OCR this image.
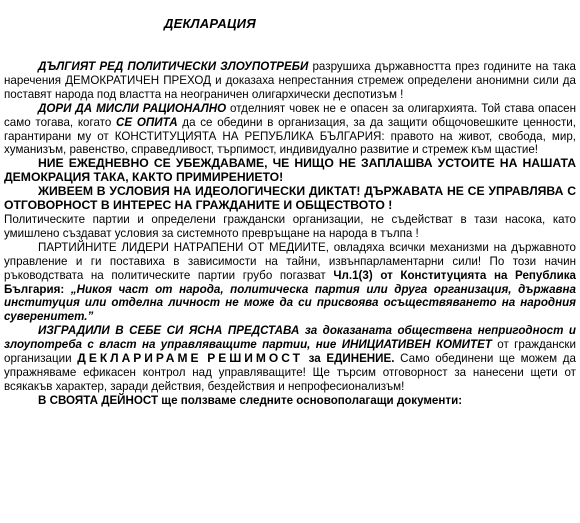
ДЕКЛАРАЦИЯ

ДЪЛГИЯТ РЕД ПОЛИТИЧЕСКИ ЗЛОУПОТРЕБИ разрушиха държавността през годините на така наречения ДЕМОКРАТИЧЕН ПРЕХОД и доказаха непрестанния стремеж определени анонимни сили да поставят народа под властта на неограничен олигархически деспотизъм !

ДОРИ ДА МИСЛИ РАЦИОНАЛНО отделният човек не е опасен за олигархията. Той става опасен само тогава, когато СЕ ОПИТА да се обедини в организация, за да защити общочовешките ценности, гарантирани му от КОНСТИТУЦИЯТА НА РЕПУБЛИКА БЪЛГАРИЯ: правото на живот, свобода, мир, хуманизъм, равенство, справедливост, търпимост, индивидуално развитие и стремеж към щастие!

НИЕ ЕЖЕДНЕВНО СЕ УБЕЖДАВАМЕ, ЧЕ НИЩО НЕ ЗАПЛАШВА УСТОИТЕ НА НАШАТА ДЕМОКРАЦИЯ ТАКА, КАКТО ПРИМИРЕНИЕТО!

ЖИВЕЕМ В УСЛОВИЯ НА ИДЕОЛОГИЧЕСКИ ДИКТАТ! ДЪРЖАВАТА НЕ СЕ УПРАВЛЯВА С ОТГОВОРНОСТ В ИНТЕРЕС НА ГРАЖДАНИТЕ И ОБЩЕСТВОТО !

Политическите партии и определени граждански организации, не съдействат в тази насока, като умишлено създават условия за системното превръщане на народа в тълпа !

ПАРТИЙНИТЕ ЛИДЕРИ НАТРАПЕНИ ОТ МЕДИИТЕ, овладяха всички механизми на държавното управление и ги поставиха в зависимости на тайни, извънпарламентарни сили! По този начин ръководствата на политическите партии грубо погазват Чл.1(3) от Конституцията на Република България: „Никоя част от народа, политическа партия или друга организация, държавна институция или отделна личност не може да си присвоява осъществяването на народния суверенитет.”

ИЗГРАДИЛИ В СЕБЕ СИ ЯСНА ПРЕДСТАВА за доказаната обществена непригодност и злоупотреба с власт на управляващите партии, ние ИНИЦИАТИВЕН КОМИТЕТ от граждански организации ДЕКЛАРИРАМЕ РЕШИМОСТ за ЕДИНЕНИЕ. Само обединени ще можем да упражняваме ефикасен контрол над управляващите! Ще търсим отговорност за нанесени щети от всякакъв характер, заради действия, бездействия и непрофесионализъм!

В СВОЯТА ДЕЙНОСТ ще ползваме следните основополагащи документи:
